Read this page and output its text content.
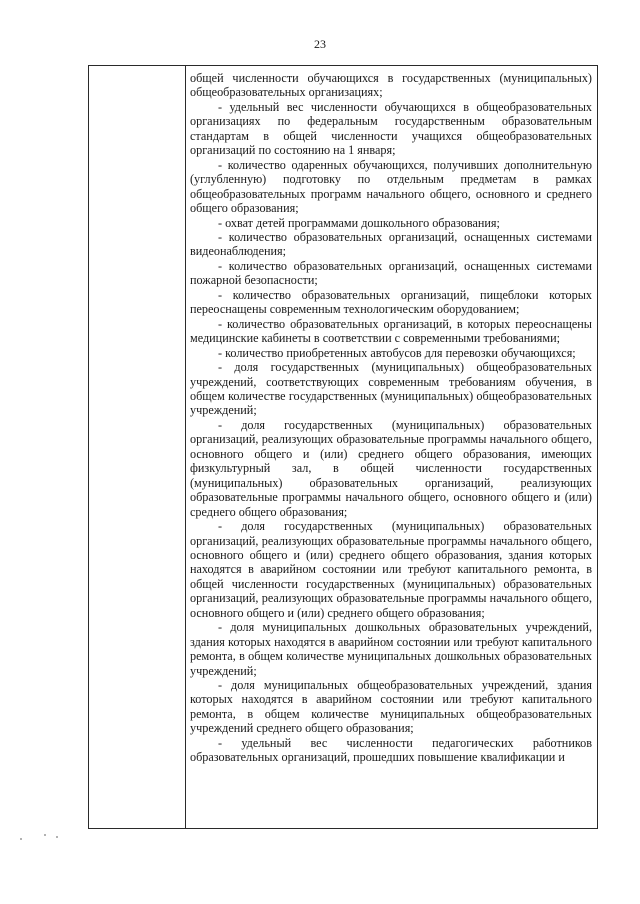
23

общей численности обучающихся в государственных (муниципальных) общеобразовательных организациях;

- удельный вес численности обучающихся в общеобразовательных организациях по федеральным государственным образовательным стандартам в общей численности учащихся общеобразовательных организаций по состоянию на 1 января;

- количество одаренных обучающихся, получивших дополнительную (углубленную) подготовку по отдельным предметам в рамках общеобразовательных программ начального общего, основного и среднего общего образования;

- охват детей программами дошкольного образования;

- количество образовательных организаций, оснащенных системами видеонаблюдения;

- количество образовательных организаций, оснащенных системами пожарной безопасности;

- количество образовательных организаций, пищеблоки которых переоснащены современным технологическим оборудованием;

- количество образовательных организаций, в которых переоснащены медицинские кабинеты в соответствии с современными требованиями;

- количество приобретенных автобусов для перевозки обучающихся;

- доля государственных (муниципальных) общеобразовательных учреждений, соответствующих современным требованиям обучения, в общем количестве государственных (муниципальных) общеобразовательных учреждений;

- доля государственных (муниципальных) образовательных организаций, реализующих образовательные программы начального общего, основного общего и (или) среднего общего образования, имеющих физкультурный зал, в общей численности государственных (муниципальных) образовательных организаций, реализующих образовательные программы начального общего, основного общего и (или) среднего общего образования;

- доля государственных (муниципальных) образовательных организаций, реализующих образовательные программы начального общего, основного общего и (или) среднего общего образования, здания которых находятся в аварийном состоянии или требуют капитального ремонта, в общей численности государственных (муниципальных) образовательных организаций, реализующих образовательные программы начального общего, основного общего и (или) среднего общего образования;

- доля муниципальных дошкольных образовательных учреждений, здания которых находятся в аварийном состоянии или требуют капитального ремонта, в общем количестве муниципальных дошкольных образовательных учреждений;

- доля муниципальных общеобразовательных учреждений, здания которых находятся в аварийном состоянии или требуют капитального ремонта, в общем количестве муниципальных общеобразовательных учреждений среднего общего образования;

- удельный вес численности педагогических работников образовательных организаций, прошедших повышение квалификации и
